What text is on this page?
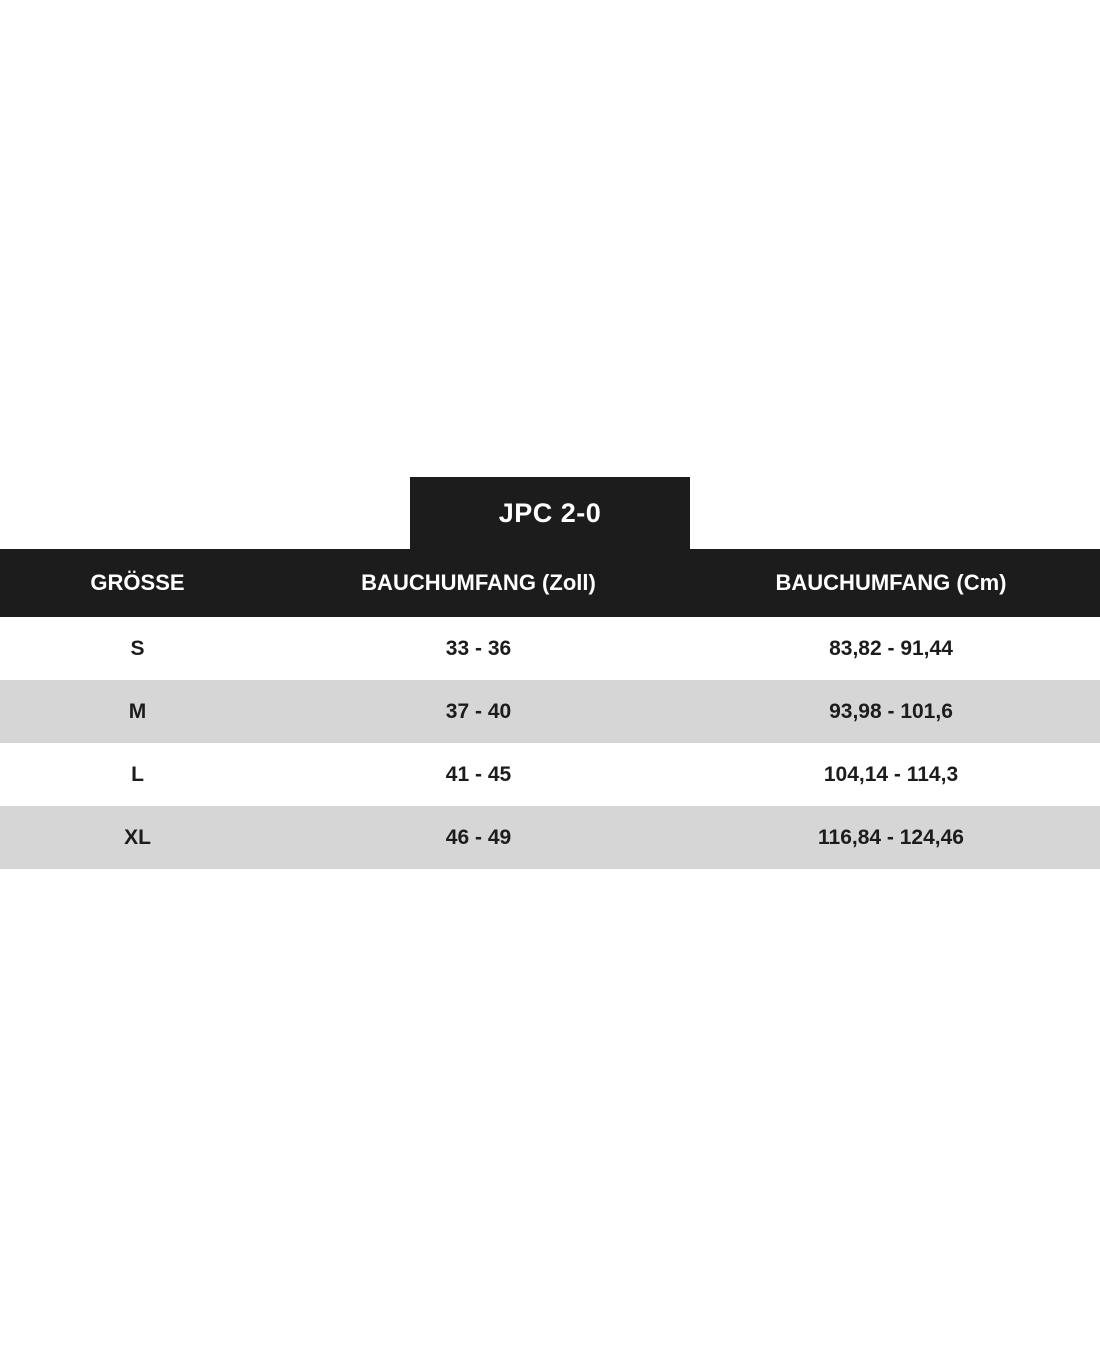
JPC 2-0
GRÖSSE	BAUCHUMFANG (Zoll)	BAUCHUMFANG (Cm)
S	33 - 36	83,82 - 91,44
M	37 - 40	93,98 - 101,6
L	41 - 45	104,14 - 114,3
XL	46 - 49	116,84 - 124,46
